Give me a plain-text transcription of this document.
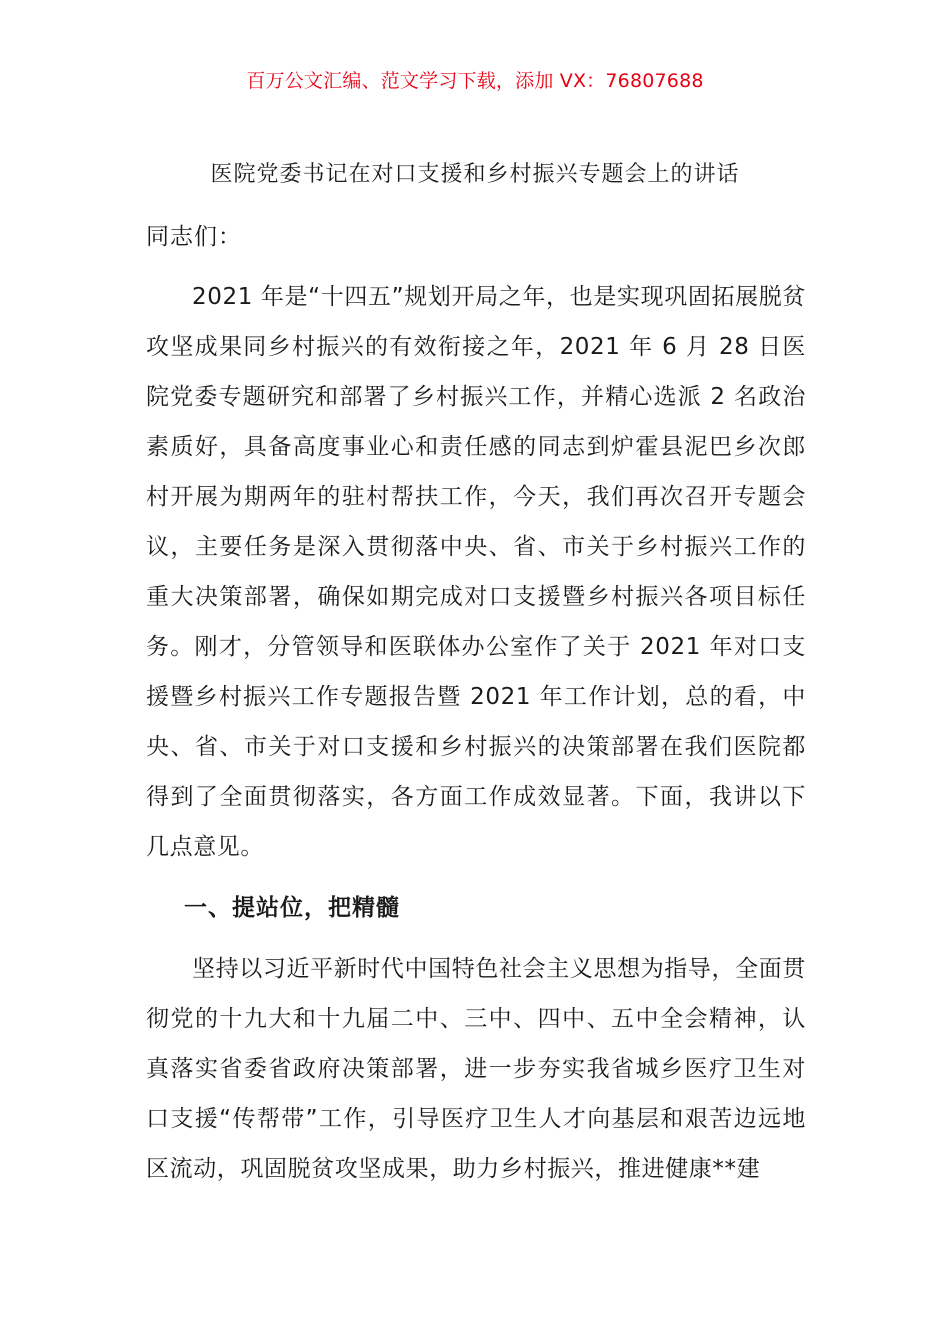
百万公文汇编、范文学习下载，添加 VX：76807688
医院党委书记在对口支援和乡村振兴专题会上的讲话
同志们：

2021 年是“十四五”规划开局之年，也是实现巩固拓展脱贫攻坚成果同乡村振兴的有效衔接之年，2021 年 6 月 28 日医院党委专题研究和部署了乡村振兴工作，并精心选派 2 名政治素质好，具备高度事业心和责任感的同志到炉霍县泥巴乡次郎村开展为期两年的驻村帮扶工作，今天，我们再次召开专题会议，主要任务是深入贯彻落中央、省、市关于乡村振兴工作的重大决策部署，确保如期完成对口支援暨乡村振兴各项目标任务。刚才，分管领导和医联体办公室作了关于 2021 年对口支援暨乡村振兴工作专题报告暨 2021 年工作计划，总的看，中央、省、市关于对口支援和乡村振兴的决策部署在我们医院都得到了全面贯彻落实，各方面工作成效显著。下面，我讲以下几点意见。

一、提站位，把精髓

坚持以习近平新时代中国特色社会主义思想为指导，全面贯彻党的十九大和十九届二中、三中、四中、五中全会精神，认真落实省委省政府决策部署，进一步夯实我省城乡医疗卫生对口支援“传帮带”工作，引导医疗卫生人才向基层和艰苦边远地区流动，巩固脱贫攻坚成果，助力乡村振兴，推进健康**建
